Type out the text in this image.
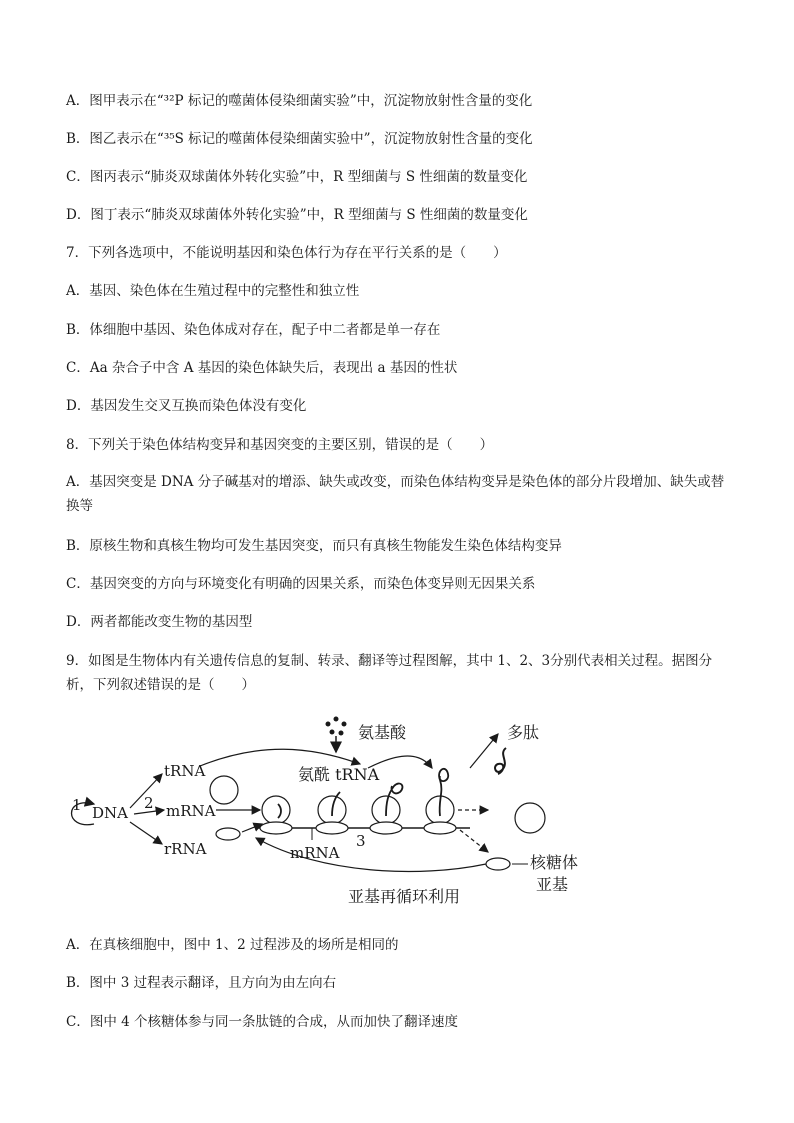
A．图甲表示在“³²P 标记的噬菌体侵染细菌实验”中，沉淀物放射性含量的变化
B．图乙表示在“³⁵S 标记的噬菌体侵染细菌实验中”，沉淀物放射性含量的变化
C．图丙表示“肺炎双球菌体外转化实验”中，R 型细菌与 S 性细菌的数量变化
D．图丁表示“肺炎双球菌体外转化实验”中，R 型细菌与 S 性细菌的数量变化
7．下列各选项中，不能说明基因和染色体行为存在平行关系的是（　　）
A．基因、染色体在生殖过程中的完整性和独立性
B．体细胞中基因、染色体成对存在，配子中二者都是单一存在
C．Aa 杂合子中含 A 基因的染色体缺失后，表现出 a 基因的性状
D．基因发生交叉互换而染色体没有变化
8．下列关于染色体结构变异和基因突变的主要区别，错误的是（　　）
A．基因突变是 DNA 分子碱基对的增添、缺失或改变，而染色体结构变异是染色体的部分片段增加、缺失或替换等
B．原核生物和真核生物均可发生基因突变，而只有真核生物能发生染色体结构变异
C．基因突变的方向与环境变化有明确的因果关系，而染色体变异则无因果关系
D．两者都能改变生物的基因型
9．如图是生物体内有关遗传信息的复制、转录、翻译等过程图解，其中 1、2、3分别代表相关过程。据图分析，下列叙述错误的是（　　）
A．在真核细胞中，图中 1、2 过程涉及的场所是相同的
B．图中 3 过程表示翻译，且方向为由左向右
C．图中 4 个核糖体参与同一条肽链的合成，从而加快了翻译速度
氨基酸	多肽
1 DNA
2
tRNA
mRNA
rRNA
氨酰 tRNA
mRNA
3
核糖体
亚基
亚基再循环利用
